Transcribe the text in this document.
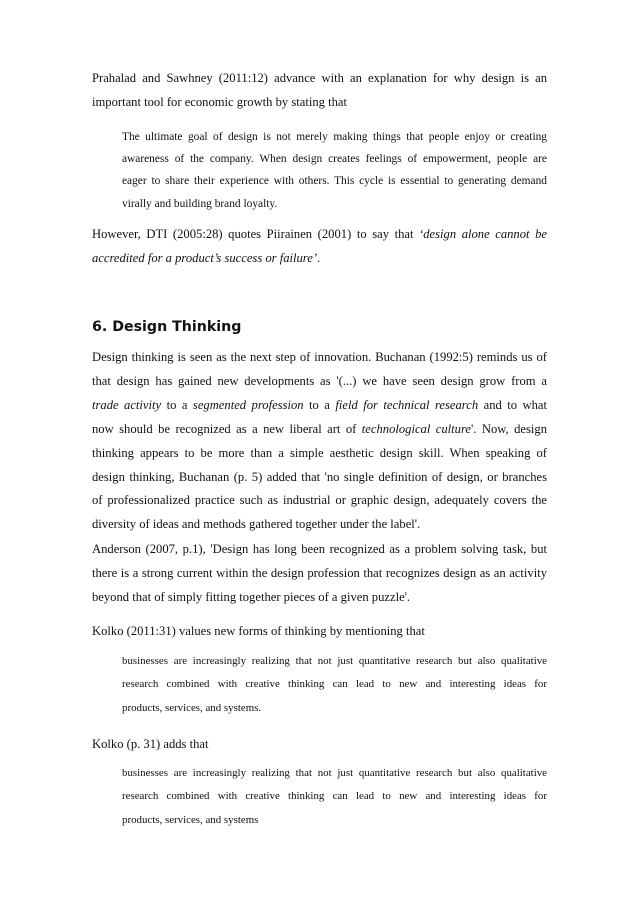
Prahalad and Sawhney (2011:12) advance with an explanation for why design is an
important tool for economic growth by stating that

The ultimate goal of design is not merely making things that people enjoy or creating
awareness of the company. When design creates feelings of empowerment, people are
eager to share their experience with others. This cycle is essential to generating demand
virally and building brand loyalty.

However, DTI (2005:28) quotes Piirainen (2001) to say that ‘design alone cannot be
accredited for a product’s success or failure’.

6. Design Thinking

Design thinking is seen as the next step of innovation. Buchanan (1992:5) reminds us of
that design has gained new developments as '(...) we have seen design grow from a
trade activity to a segmented profession to a field for technical research and to what
now should be recognized as a new liberal art of technological culture'. Now, design
thinking appears to be more than a simple aesthetic design skill. When speaking of
design thinking, Buchanan (p. 5) added that 'no single definition of design, or branches
of professionalized practice such as industrial or graphic design, adequately covers the
diversity of ideas and methods gathered together under the label'.

Anderson (2007, p.1), 'Design has long been recognized as a problem solving task, but
there is a strong current within the design profession that recognizes design as an activity
beyond that of simply fitting together pieces of a given puzzle'.

Kolko (2011:31) values new forms of thinking by mentioning that

businesses are increasingly realizing that not just quantitative research but also qualitative
research combined with creative thinking can lead to new and interesting ideas for
products, services, and systems.

Kolko (p. 31) adds that

businesses are increasingly realizing that not just quantitative research but also qualitative
research combined with creative thinking can lead to new and interesting ideas for
products, services, and systems
